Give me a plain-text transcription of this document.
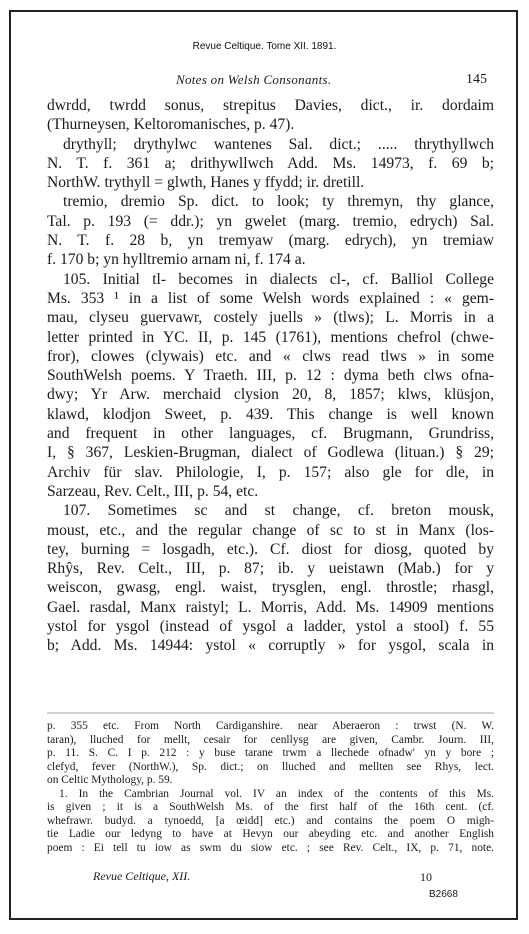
Revue Celtique. Tome XII. 1891.
Notes on Welsh Consonants.	145
dwrdd, twrdd sonus, strepitus Davies, dict., ir. dordaim
(Thurneysen, Keltoromanisches, p. 47).
drythyll; drythylwc wantenes Sal. dict.; ..... thrythyllwch
N. T. f. 361 a; drithywllwch Add. Ms. 14973, f. 69 b;
NorthW. trythyll = glwth, Hanes y ffydd; ir. dretill.
tremio, dremio Sp. dict. to look; ty thremyn, thy glance,
Tal. p. 193 (= ddr.); yn gwelet (marg. tremio, edrych) Sal.
N. T. f. 28 b, yn tremyaw (marg. edrych), yn tremiaw
f. 170 b; yn hylltremio arnam ni, f. 174 a.
105. Initial tl- becomes in dialects cl-, cf. Balliol College
Ms. 353 ¹ in a list of some Welsh words explained : « gem-
mau, clyseu guervawr, costely juells » (tlws); L. Morris in a
letter printed in YC. II, p. 145 (1761), mentions chefrol (chwe-
fror), clowes (clywais) etc. and « clws read tlws » in some
SouthWelsh poems. Y Traeth. III, p. 12 : dyma beth clws ofna-
dwy; Yr Arw. merchaid clysion 20, 8, 1857; klws, klüsjon,
klawd, klodjon Sweet, p. 439. This change is well known
and frequent in other languages, cf. Brugmann, Grundriss,
I, § 367, Leskien-Brugman, dialect of Godlewa (lituan.) § 29;
Archiv für slav. Philologie, I, p. 157; also gle for dle, in
Sarzeau, Rev. Celt., III, p. 54, etc.
107. Sometimes sc and st change, cf. breton mousk,
moust, etc., and the regular change of sc to st in Manx (los-
tey, burning = losgadh, etc.). Cf. diost for diosg, quoted by
Rhŷs, Rev. Celt., III, p. 87; ib. y ueistawn (Mab.) for y
weiscon, gwasg, engl. waist, trysglen, engl. throstle; rhasgl,
Gael. rasdal, Manx raistyl; L. Morris, Add. Ms. 14909 mentions
ystol for ysgol (instead of ysgol a ladder, ystol a stool) f. 55
b; Add. Ms. 14944: ystol « corruptly » for ysgol, scala in
p. 355 etc. From North Cardiganshire. near Aberaeron : trwst (N. W.
taran), lluched for mellt, cesair for cenllysg are given, Cambr. Journ. III,
p. 11. S. C. I p. 212 : y buse tarane trwm a llechede ofnadw' yn y bore ;
clefyd, fever (NorthW.), Sp. dict.; on lluched and mellten see Rhys, lect.
on Celtic Mythology, p. 59.
1. In the Cambrian Journal vol. IV an index of the contents of this Ms.
is given ; it is a SouthWelsh Ms. of the first half of the 16th cent. (cf.
whefrawr. budyd. a tynoedd, [a œidd] etc.) and contains the poem O migh-
tie Ladie our ledyng to have at Hevyn our abeyding etc. and another English
poem : Ei tell tu iow as swm du siow etc. ; see Rev. Celt., IX, p. 71, note.
Revue Celtique, XII.	10
B2668
